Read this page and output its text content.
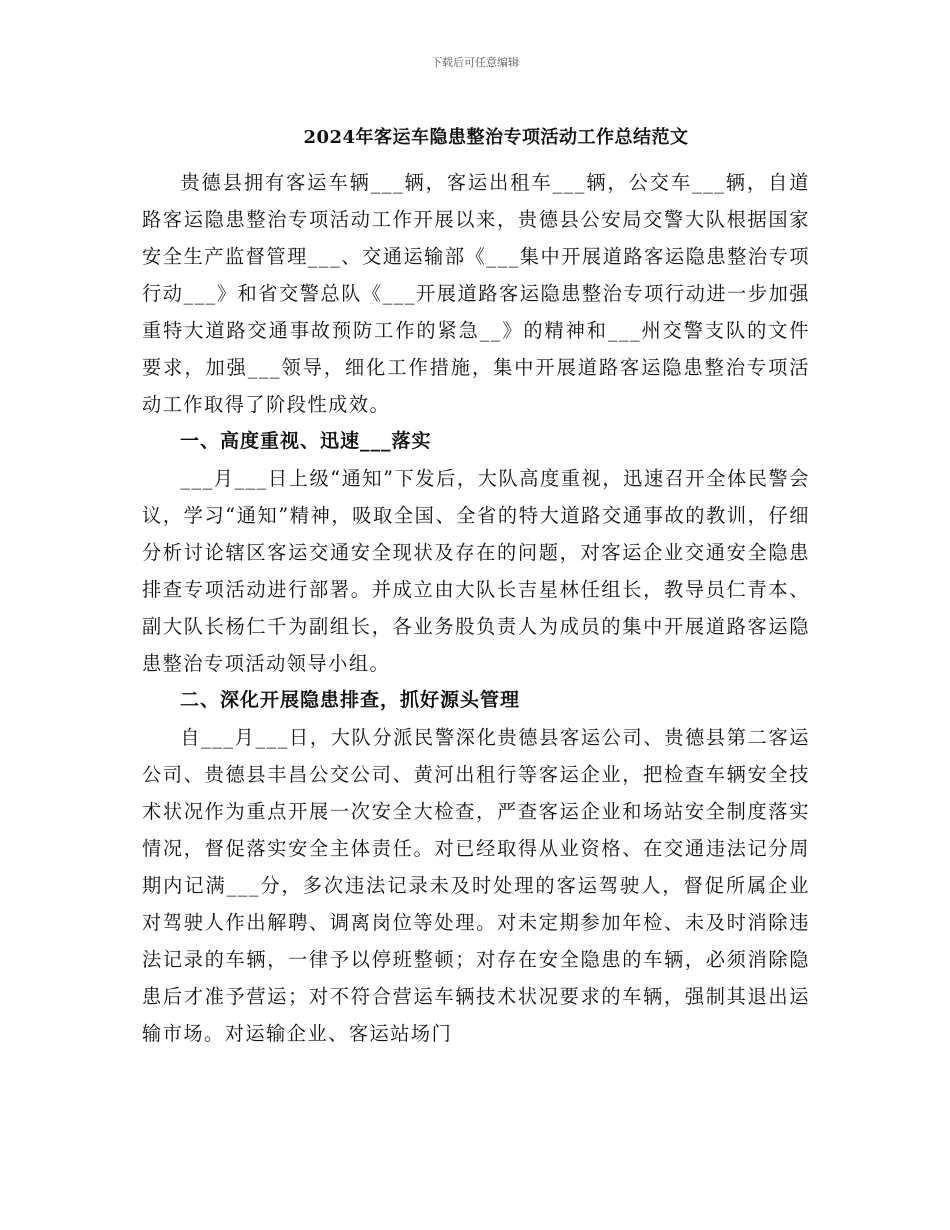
下载后可任意编辑
2024年客运车隐患整治专项活动工作总结范文

贵德县拥有客运车辆___辆，客运出租车___辆，公交车___辆，自道路客运隐患整治专项活动工作开展以来，贵德县公安局交警大队根据国家安全生产监督管理___、交通运输部《___集中开展道路客运隐患整治专项行动___》和省交警总队《___开展道路客运隐患整治专项行动进一步加强重特大道路交通事故预防工作的紧急__》的精神和___州交警支队的文件要求，加强___领导，细化工作措施，集中开展道路客运隐患整治专项活动工作取得了阶段性成效。

一、高度重视、迅速___落实

___月___日上级“通知”下发后，大队高度重视，迅速召开全体民警会议，学习“通知”精神，吸取全国、全省的特大道路交通事故的教训，仔细分析讨论辖区客运交通安全现状及存在的问题，对客运企业交通安全隐患排查专项活动进行部署。并成立由大队长吉星林任组长，教导员仁青本、副大队长杨仁千为副组长，各业务股负责人为成员的集中开展道路客运隐患整治专项活动领导小组。

二、深化开展隐患排查，抓好源头管理

自___月___日，大队分派民警深化贵德县客运公司、贵德县第二客运公司、贵德县丰昌公交公司、黄河出租行等客运企业，把检查车辆安全技术状况作为重点开展一次安全大检查，严查客运企业和场站安全制度落实情况，督促落实安全主体责任。对已经取得从业资格、在交通违法记分周期内记满___分，多次违法记录未及时处理的客运驾驶人，督促所属企业对驾驶人作出解聘、调离岗位等处理。对未定期参加年检、未及时消除违法记录的车辆，一律予以停班整顿；对存在安全隐患的车辆，必须消除隐患后才准予营运；对不符合营运车辆技术状况要求的车辆，强制其退出运输市场。对运输企业、客运站场门
